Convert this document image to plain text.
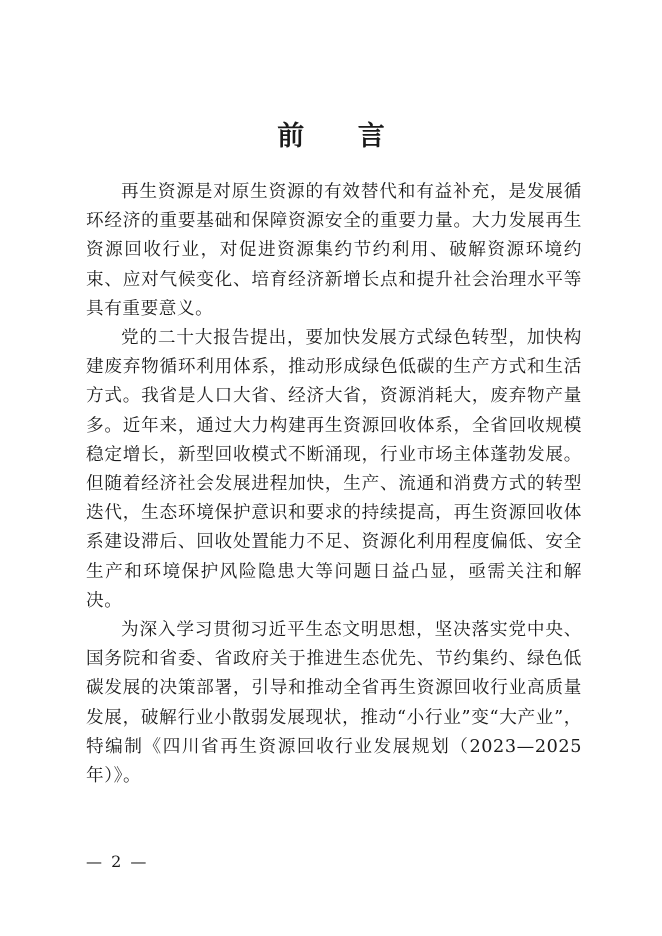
前 言

再生资源是对原生资源的有效替代和有益补充，是发展循环经济的重要基础和保障资源安全的重要力量。大力发展再生资源回收行业，对促进资源集约节约利用、破解资源环境约束、应对气候变化、培育经济新增长点和提升社会治理水平等具有重要意义。

党的二十大报告提出，要加快发展方式绿色转型，加快构建废弃物循环利用体系，推动形成绿色低碳的生产方式和生活方式。我省是人口大省、经济大省，资源消耗大，废弃物产量多。近年来，通过大力构建再生资源回收体系，全省回收规模稳定增长，新型回收模式不断涌现，行业市场主体蓬勃发展。但随着经济社会发展进程加快，生产、流通和消费方式的转型迭代，生态环境保护意识和要求的持续提高，再生资源回收体系建设滞后、回收处置能力不足、资源化利用程度偏低、安全生产和环境保护风险隐患大等问题日益凸显，亟需关注和解决。

为深入学习贯彻习近平生态文明思想，坚决落实党中央、国务院和省委、省政府关于推进生态优先、节约集约、绿色低碳发展的决策部署，引导和推动全省再生资源回收行业高质量发展，破解行业小散弱发展现状，推动“小行业”变“大产业”，特编制《四川省再生资源回收行业发展规划（2023—2025年）》。

— 2 —
